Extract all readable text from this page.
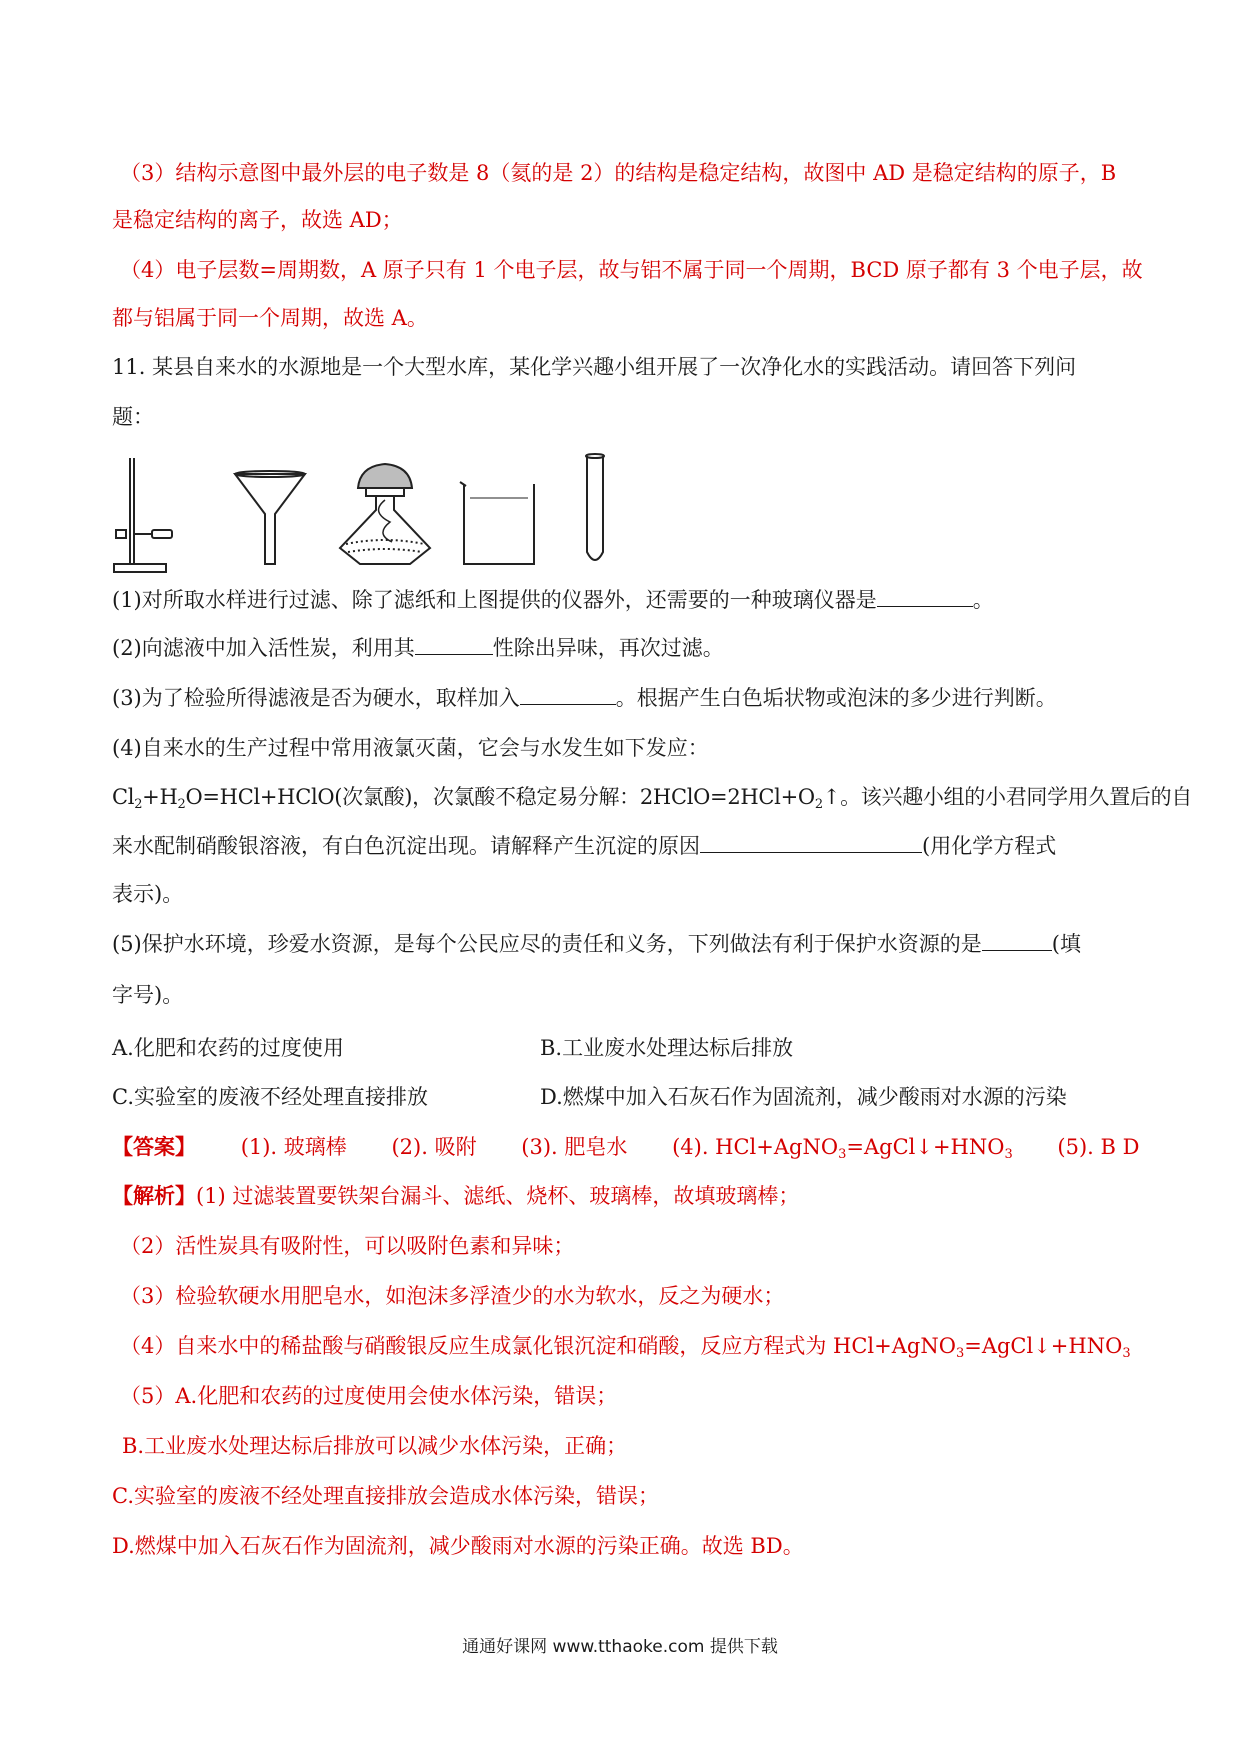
（3）结构示意图中最外层的电子数是 8（氦的是 2）的结构是稳定结构，故图中 AD 是稳定结构的原子，B
是稳定结构的离子，故选 AD；
（4）电子层数=周期数，A 原子只有 1 个电子层，故与铝不属于同一个周期，BCD 原子都有 3 个电子层，故
都与铝属于同一个周期，故选 A。
11. 某县自来水的水源地是一个大型水库，某化学兴趣小组开展了一次净化水的实践活动。请回答下列问
题：
(1)对所取水样进行过滤、除了滤纸和上图提供的仪器外，还需要的一种玻璃仪器是	。
(2)向滤液中加入活性炭，利用其	性除出异味，再次过滤。
(3)为了检验所得滤液是否为硬水，取样加入	。根据产生白色垢状物或泡沫的多少进行判断。
(4)自来水的生产过程中常用液氯灭菌，它会与水发生如下发应：
$Cl_2+H_2O=HCl+HClO$(次氯酸)，次氯酸不稳定易分解：$2HClO=2HCl+O_2↑$。该兴趣小组的小君同学用久置后的自
来水配制硝酸银溶液，有白色沉淀出现。请解释产生沉淀的原因	(用化学方程式
表示)。
(5)保护水环境，珍爱水资源，是每个公民应尽的责任和义务，下列做法有利于保护水资源的是	(填
字号)。
A.化肥和农药的过度使用	B.工业废水处理达标后排放
C.实验室的废液不经处理直接排放	D.燃煤中加入石灰石作为固流剂，减少酸雨对水源的污染
【答案】 (1). 玻璃棒 (2). 吸附 (3). 肥皂水 (4). $HCl+AgNO_3=AgCl↓+HNO_3$ (5). B D
【解析】(1) 过滤装置要铁架台漏斗、滤纸、烧杯、玻璃棒，故填玻璃棒；
（2）活性炭具有吸附性，可以吸附色素和异味；
（3）检验软硬水用肥皂水，如泡沫多浮渣少的水为软水，反之为硬水；
（4）自来水中的稀盐酸与硝酸银反应生成氯化银沉淀和硝酸，反应方程式为 $HCl+AgNO_3=AgCl↓+HNO_3$
（5）A.化肥和农药的过度使用会使水体污染，错误；
B.工业废水处理达标后排放可以减少水体污染，正确；
C.实验室的废液不经处理直接排放会造成水体污染，错误；
D.燃煤中加入石灰石作为固流剂，减少酸雨对水源的污染正确。故选 BD。
通通好课网 www.tthaoke.com 提供下载
